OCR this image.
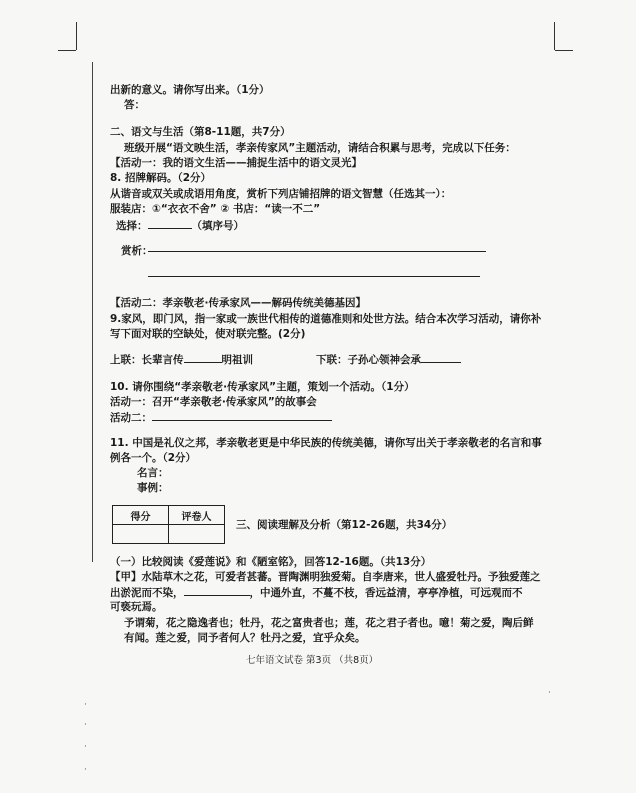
出新的意义。请你写出来。（1分）
答：
二、语文与生活（第8-11题，共7分）
班级开展“语文映生活，孝亲传家风”主题活动，请结合积累与思考，完成以下任务：
【活动一：我的语文生活——捕捉生活中的语文灵光】
8. 招牌解码。（2分）
从谐音或双关或成语用角度，赏析下列店铺招牌的语文智慧（任选其一）：
服装店：①“衣衣不舍” ② 书店：“读一不二”
选择：	（填序号）
赏析：
【活动二：孝亲敬老·传承家风——解码传统美德基因】
9.家风，即门风，指一家或一族世代相传的道德准则和处世方法。结合本次学习活动，请你补
写下面对联的空缺处，使对联完整。(2分)
上联：长辈言传	明祖训	下联：子孙心领神会承
10. 请你围绕“孝亲敬老·传承家风”主题，策划一个活动。（1分）
活动一：召开“孝亲敬老·传承家风”的故事会
活动二：
11. 中国是礼仪之邦，孝亲敬老更是中华民族的传统美德，请你写出关于孝亲敬老的名言和事
例各一个。（2分）
名言：
事例：
得分	评卷人

三、阅读理解及分析（第12-26题，共34分）
（一）比较阅读《爱莲说》和《陋室铭》，回答12-16题。（共13分）
【甲】水陆草木之花，可爱者甚蕃。晋陶渊明独爱菊。自李唐来，世人盛爱牡丹。予独爱莲之
出淤泥而不染，	，中通外直，不蔓不枝，香远益清，亭亭净植，可远观而不
可亵玩焉。
予谓菊，花之隐逸者也；牡丹，花之富贵者也；莲，花之君子者也。噫！菊之爱，陶后鲜
有闻。莲之爱，同予者何人？牡丹之爱，宜乎众矣。
七年语文试卷 第3页 （共8页）
·
·
·
·
·
